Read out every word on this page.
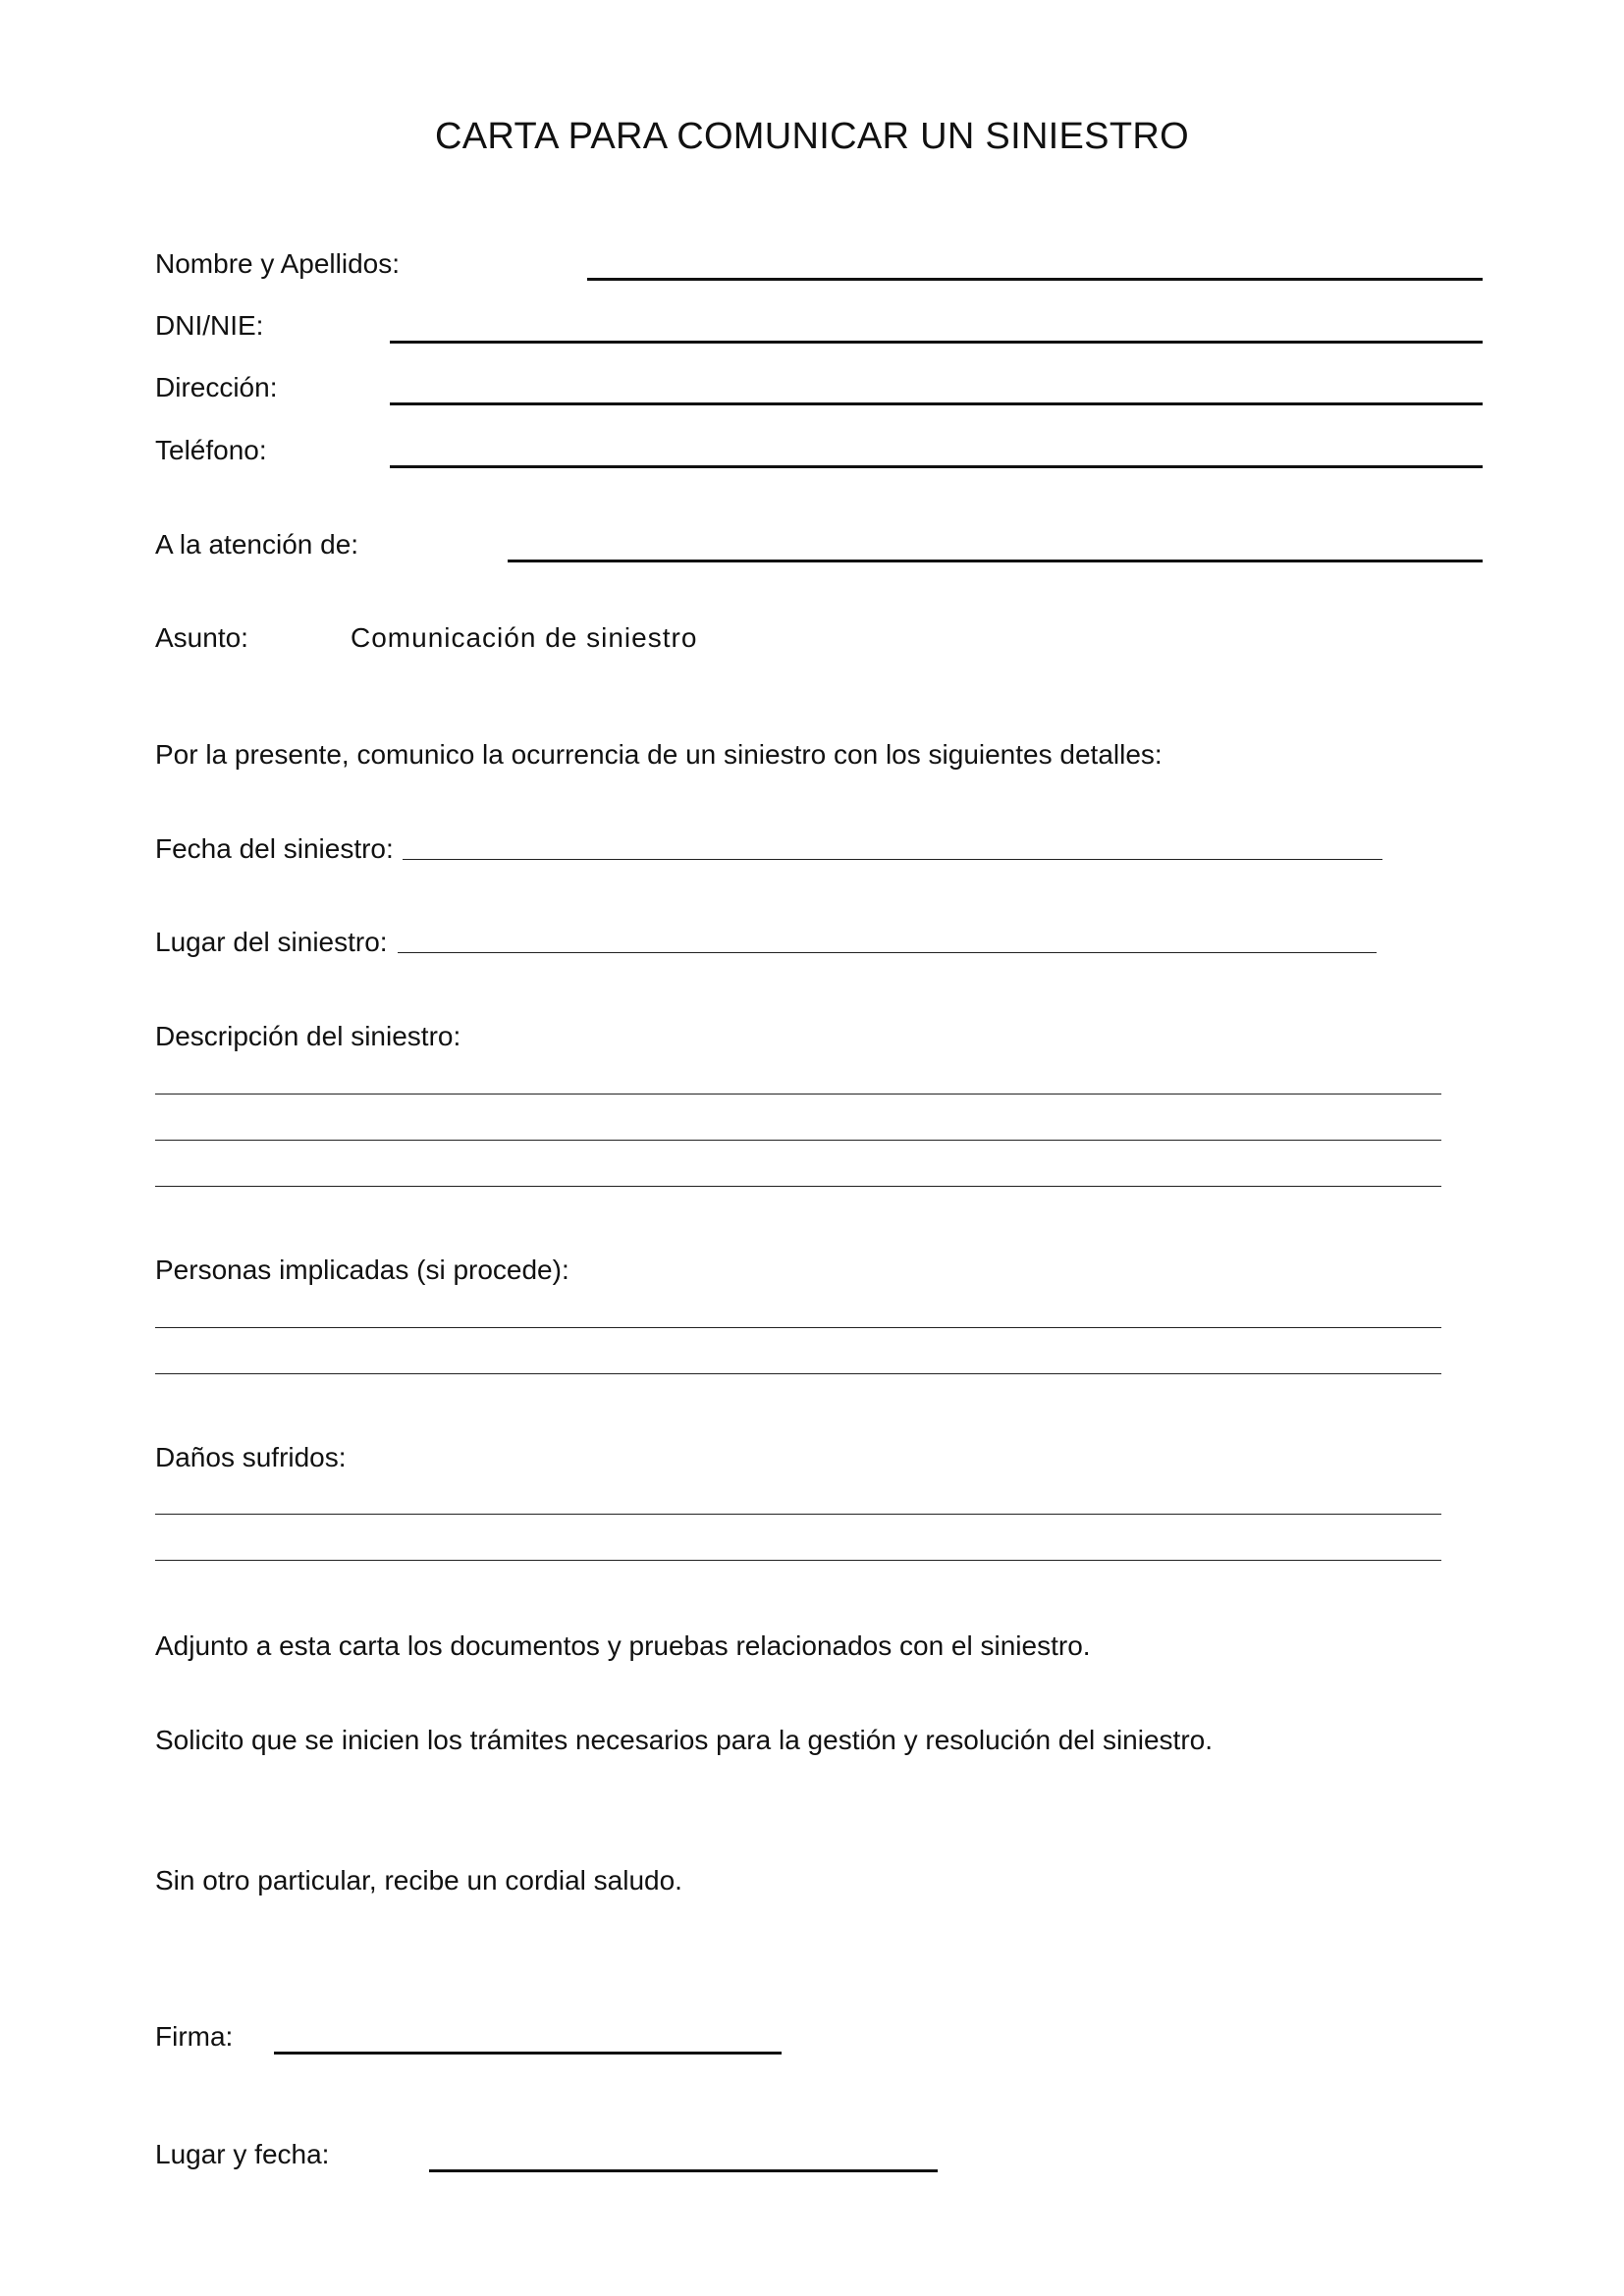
CARTA PARA COMUNICAR UN SINIESTRO
Nombre y Apellidos:
DNI/NIE:
Dirección:
Teléfono:
A la atención de:
Asunto:	Comunicación de siniestro
Por la presente, comunico la ocurrencia de un siniestro con los siguientes detalles:
Fecha del siniestro:
Lugar del siniestro:
Descripción del siniestro:
Personas implicadas (si procede):
Daños sufridos:
Adjunto a esta carta los documentos y pruebas relacionados con el siniestro.
Solicito que se inicien los trámites necesarios para la gestión y resolución del siniestro.
Sin otro particular, recibe un cordial saludo.
Firma:
Lugar y fecha:
